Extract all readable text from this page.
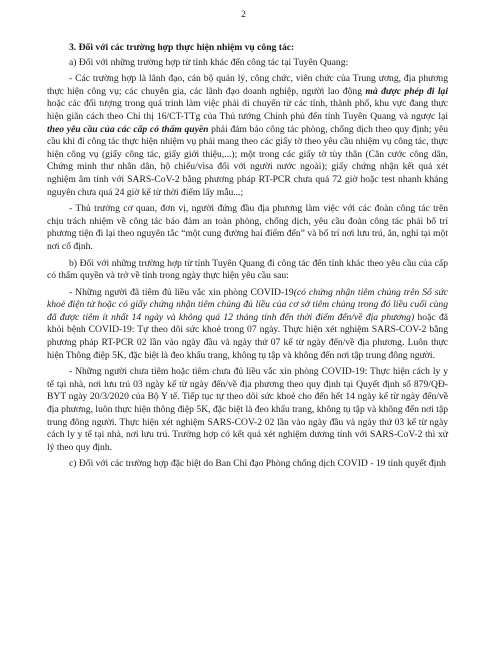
2

3. Đối với các trường hợp thực hiện nhiệm vụ công tác:

a) Đối với những trường hợp từ tỉnh khác đến công tác tại Tuyên Quang:

- Các trường hợp là lãnh đạo, cán bộ quản lý, công chức, viên chức của Trung ương, địa phương thực hiện công vụ; các chuyên gia, các lãnh đạo doanh nghiệp, người lao động mà được phép đi lại hoặc các đối tượng trong quá trình làm việc phải di chuyển từ các tỉnh, thành phố, khu vực đang thực hiện giãn cách theo Chỉ thị 16/CT-TTg của Thủ tướng Chính phủ đến tỉnh Tuyên Quang và ngược lại theo yêu cầu của các cấp có thẩm quyền phải đảm bảo công tác phòng, chống dịch theo quy định; yêu cầu khi đi công tác thực hiện nhiệm vụ phải mang theo các giấy tờ theo yêu cầu nhiệm vụ công tác, thực hiện công vụ (giấy công tác, giấy giới thiệu,...); một trong các giấy tờ tùy thân (Căn cước công dân, Chứng minh thư nhân dân, hộ chiếu/visa đối với người nước ngoài); giấy chứng nhận kết quả xét nghiệm âm tính với SARS-CoV-2 bằng phương pháp RT-PCR chưa quá 72 giờ hoặc test nhanh kháng nguyên chưa quá 24 giờ kể từ thời điểm lấy mẫu...;

- Thủ trưởng cơ quan, đơn vị, người đứng đầu địa phương làm việc với các đoàn công tác trên chịu trách nhiệm về công tác bảo đảm an toàn phòng, chống dịch, yêu cầu đoàn công tác phải bố trí phương tiện đi lại theo nguyên tắc “một cung đường hai điểm đến” và bố trí nơi lưu trú, ăn, nghỉ tại một nơi cố định.

b) Đối với những trường hợp từ tỉnh Tuyên Quang đi công tác đến tỉnh khác theo yêu cầu của cấp có thẩm quyền và trở về tỉnh trong ngày thực hiện yêu cầu sau:

- Những người đã tiêm đủ liều vắc xin phòng COVID-19(có chứng nhận tiêm chủng trên Sổ sức khoẻ điện tử hoặc có giấy chứng nhận tiêm chủng đủ liều của cơ sở tiêm chủng trong đó liều cuối cùng đã được tiêm ít nhất 14 ngày và không quá 12 tháng tính đến thời điểm đến/về địa phương) hoặc đã khỏi bệnh COVID-19: Tự theo dõi sức khoẻ trong 07 ngày. Thực hiện xét nghiệm SARS-COV-2 bằng phương pháp RT-PCR 02 lần vào ngày đầu và ngày thứ 07 kể từ ngày đến/về địa phương. Luôn thực hiện Thông điệp 5K, đặc biệt là đeo khẩu trang, không tụ tập và không đến nơi tập trung đông người.

- Những người chưa tiêm hoặc tiêm chưa đủ liều vắc xin phòng COVID-19: Thực hiện cách ly y tế tại nhà, nơi lưu trú 03 ngày kể từ ngày đến/về địa phương theo quy định tại Quyết định số 879/QĐ-BYT ngày 20/3/2020 của Bộ Y tế. Tiếp tục tự theo dõi sức khoẻ cho đến hết 14 ngày kể từ ngày đến/về địa phương, luôn thực hiện thông điệp 5K, đặc biệt là đeo khẩu trang, không tụ tập và không đến nơi tập trung đông người. Thực hiện xét nghiệm SARS-COV-2 02 lần vào ngày đầu và ngày thứ 03 kể từ ngày cách ly y tế tại nhà, nơi lưu trú. Trường hợp có kết quả xét nghiệm dương tính với SARS-CoV-2 thì xử lý theo quy định.

c) Đối với các trường hợp đặc biệt do Ban Chỉ đạo Phòng chống dịch COVID - 19 tỉnh quyết định
